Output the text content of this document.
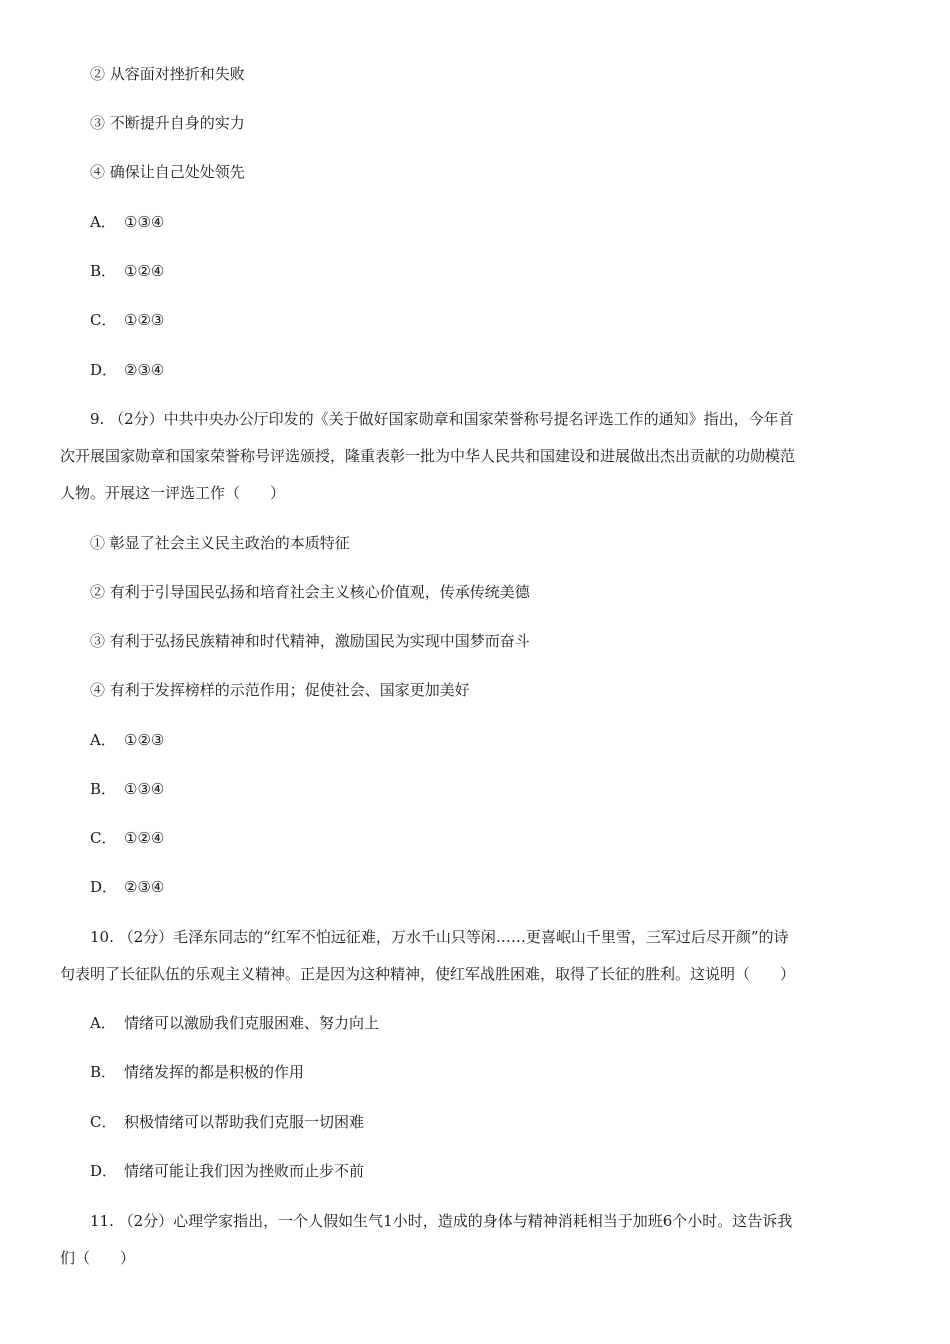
② 从容面对挫折和失败
③ 不断提升自身的实力
④ 确保让自己处处领先
A． ①③④
B． ①②④
C． ①②③
D． ②③④
9. （2分）中共中央办公厅印发的《关于做好国家勋章和国家荣誉称号提名评选工作的通知》指出，今年首
次开展国家勋章和国家荣誉称号评选颁授，隆重表彰一批为中华人民共和国建设和进展做出杰出贡献的功勋模范
人物。开展这一评选工作（　　）
① 彰显了社会主义民主政治的本质特征
② 有利于引导国民弘扬和培育社会主义核心价值观，传承传统美德
③ 有利于弘扬民族精神和时代精神，激励国民为实现中国梦而奋斗
④ 有利于发挥榜样的示范作用；促使社会、国家更加美好
A． ①②③
B． ①③④
C． ①②④
D． ②③④
10. （2分）毛泽东同志的“红军不怕远征难，万水千山只等闲……更喜岷山千里雪，三军过后尽开颜”的诗
句表明了长征队伍的乐观主义精神。正是因为这种精神，使红军战胜困难，取得了长征的胜利。这说明（　　）
A． 情绪可以激励我们克服困难、努力向上
B． 情绪发挥的都是积极的作用
C． 积极情绪可以帮助我们克服一切困难
D． 情绪可能让我们因为挫败而止步不前
11. （2分）心理学家指出，一个人假如生气1小时，造成的身体与精神消耗相当于加班6个小时。这告诉我
们（　　）
